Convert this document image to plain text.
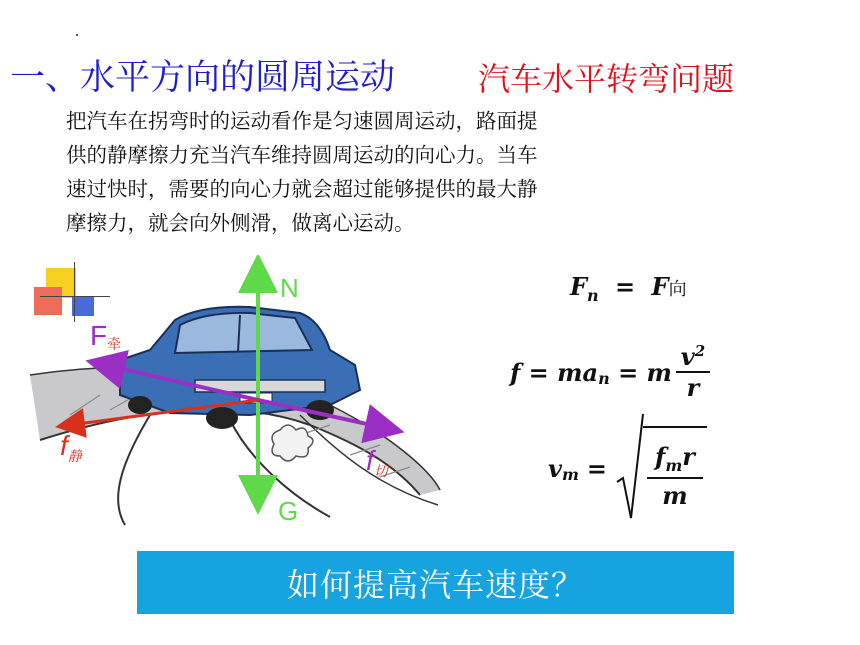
一、水平方向的圆周运动	汽车水平转弯问题
把汽车在拐弯时的运动看作是匀速圆周运动，路面提
供的静摩擦力充当汽车维持圆周运动的向心力。当车
速过快时，需要的向心力就会超过能够提供的最大静
摩擦力，就会向外侧滑，做离心运动。
N
G
F牵
$f_静$	$f_切$
$F_n = F$向
$f = ma_n = m$
$v^2$
r
$v_m = f_mr$
m
如何提高汽车速度？
